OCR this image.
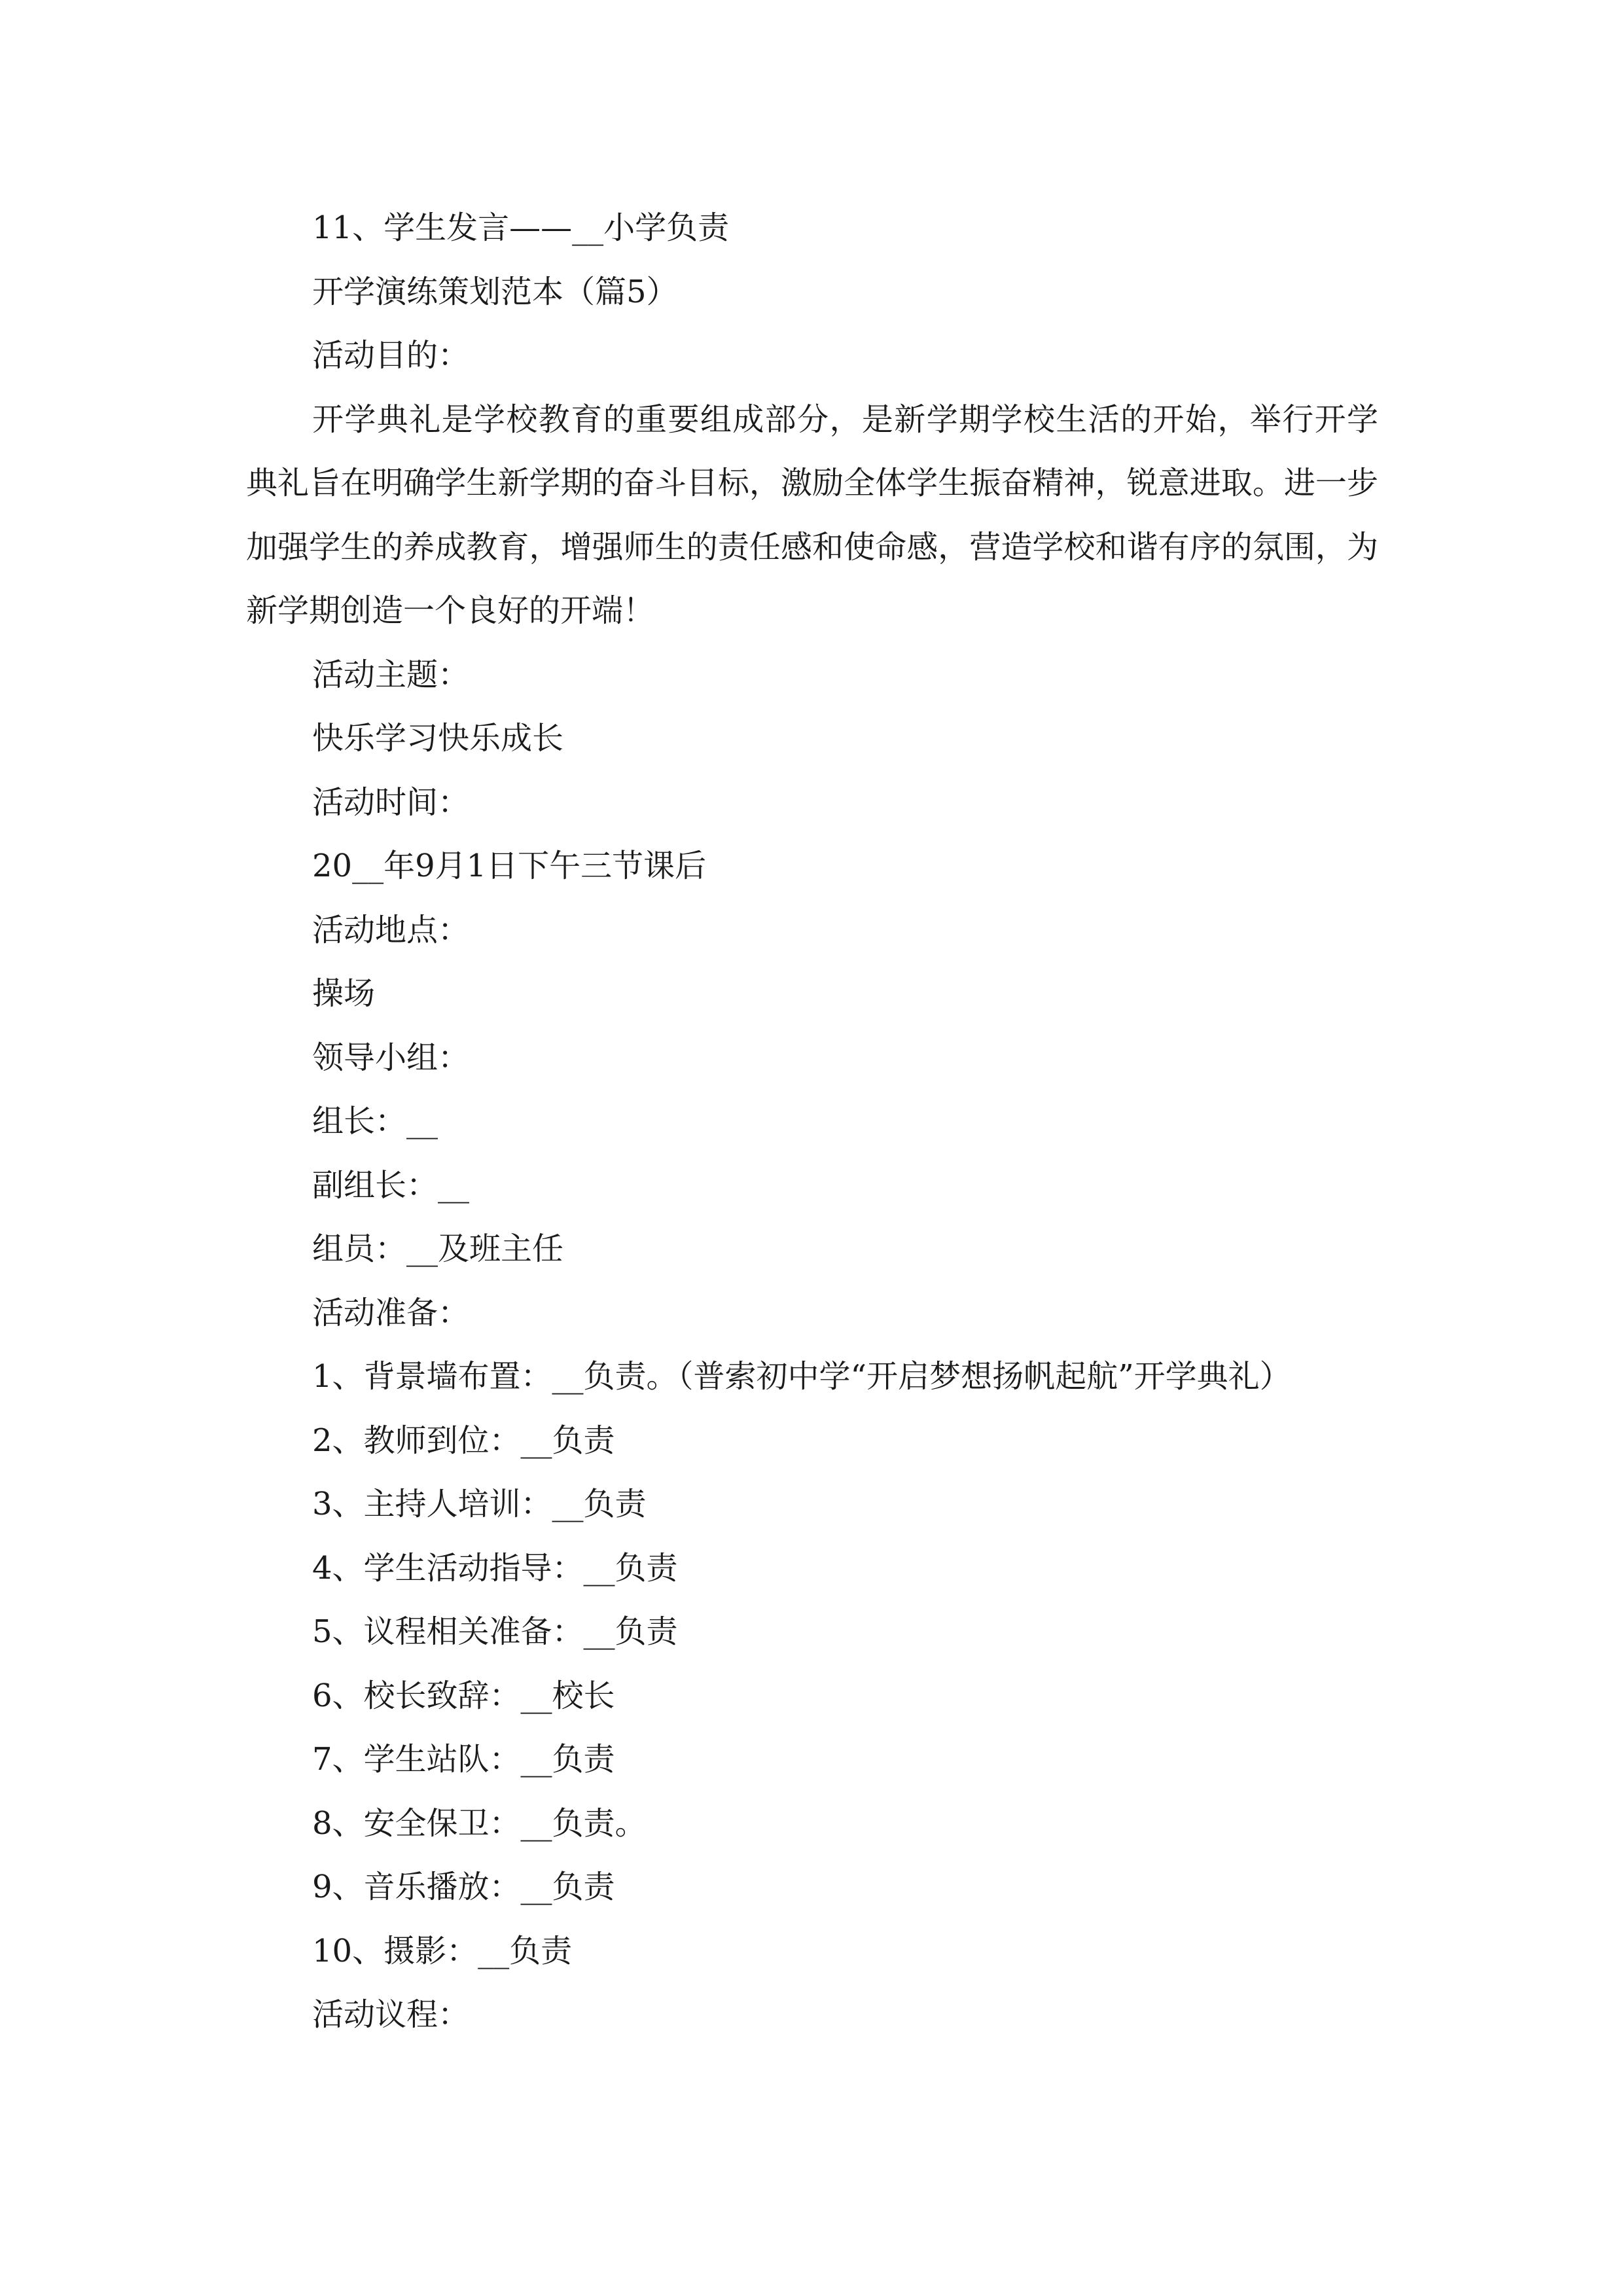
11、学生发言——__小学负责
开学演练策划范本（篇5）
活动目的：
开学典礼是学校教育的重要组成部分，是新学期学校生活的开始，举行开学典礼旨在明确学生新学期的奋斗目标，激励全体学生振奋精神，锐意进取。进一步加强学生的养成教育，增强师生的责任感和使命感，营造学校和谐有序的氛围，为新学期创造一个良好的开端！
活动主题：
快乐学习快乐成长
活动时间：
20__年9月1日下午三节课后
活动地点：
操场
领导小组：
组长：__
副组长：__
组员：__及班主任
活动准备：
1、背景墙布置：__负责。（普索初中学“开启梦想扬帆起航”开学典礼）
2、教师到位：__负责
3、主持人培训：__负责
4、学生活动指导：__负责
5、议程相关准备：__负责
6、校长致辞：__校长
7、学生站队：__负责
8、安全保卫：__负责。
9、音乐播放：__负责
10、摄影：__负责
活动议程：
